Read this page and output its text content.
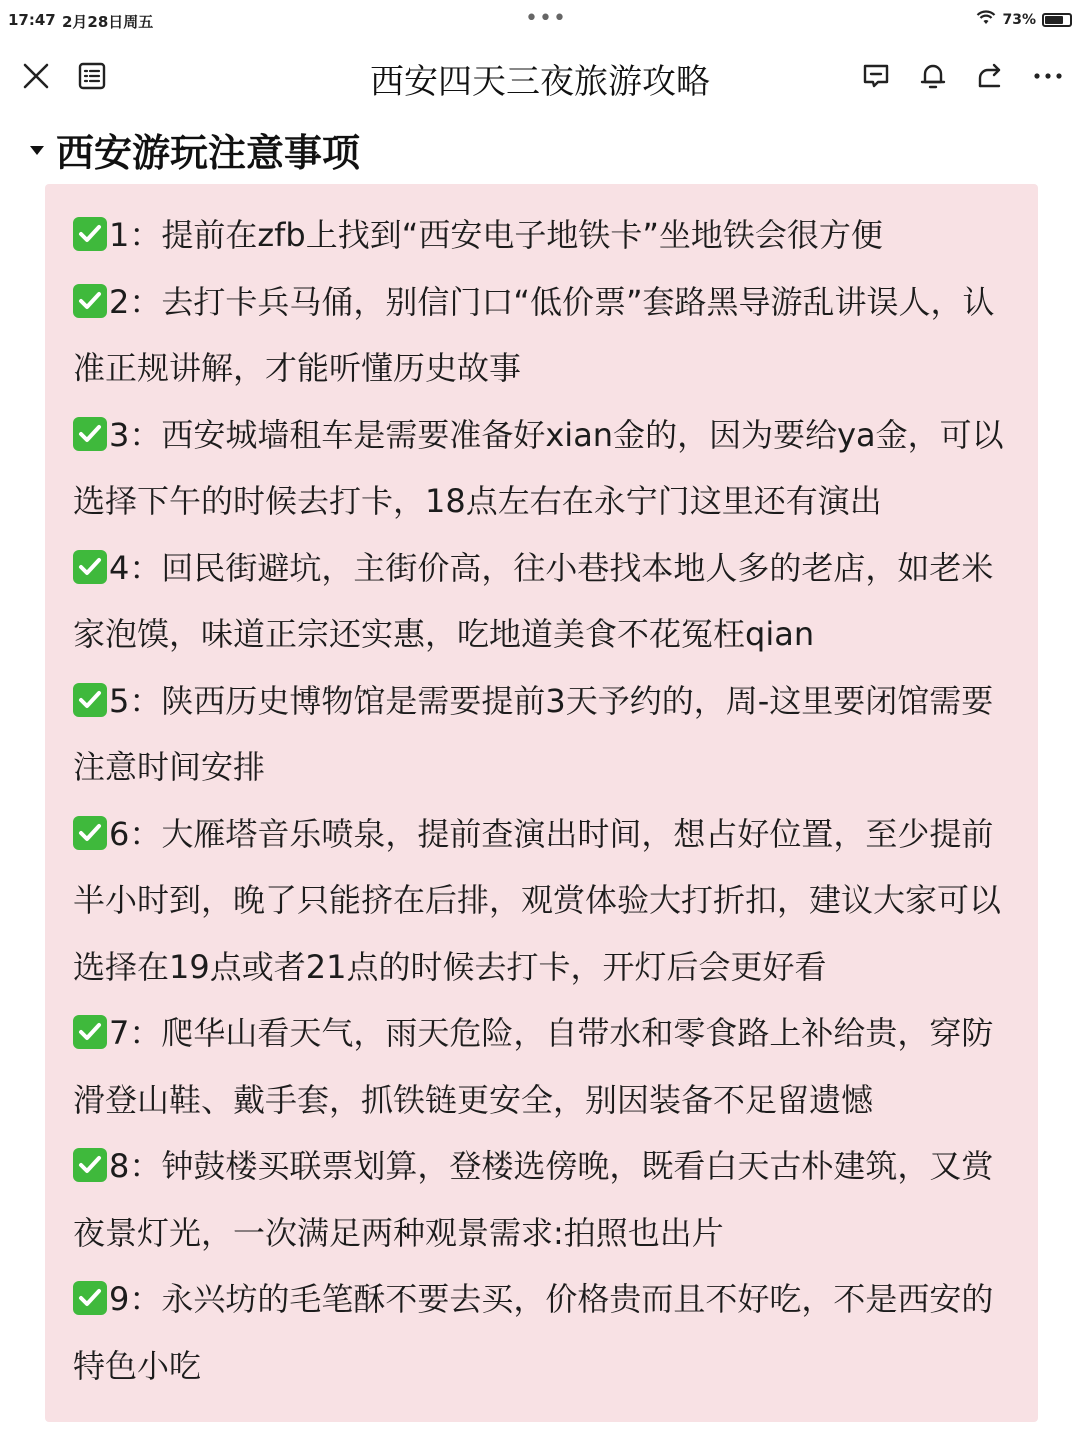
17:47 2月28日周五	•••	73%
西安四天三夜旅游攻略
西安游玩注意事项
1：提前在zfb上找到“西安电子地铁卡”坐地铁会很方便
2：去打卡兵马俑，别信门口“低价票”套路黑导游乱讲误人，认准正规讲解，才能听懂历史故事
3：西安城墙租车是需要准备好xian金的，因为要给ya金，可以选择下午的时候去打卡，18点左右在永宁门这里还有演出
4：回民街避坑，主街价高，往小巷找本地人多的老店，如老米家泡馍，味道正宗还实惠，吃地道美食不花冤枉qian
5：陕西历史博物馆是需要提前3天予约的，周-这里要闭馆需要注意时间安排
6：大雁塔音乐喷泉，提前查演出时间，想占好位置，至少提前半小时到，晚了只能挤在后排，观赏体验大打折扣，建议大家可以选择在19点或者21点的时候去打卡，开灯后会更好看
7：爬华山看天气，雨天危险，自带水和零食路上补给贵，穿防滑登山鞋、戴手套，抓铁链更安全，别因装备不足留遗憾
8：钟鼓楼买联票划算，登楼选傍晚，既看白天古朴建筑，又赏夜景灯光，一次满足两种观景需求:拍照也出片
9：永兴坊的毛笔酥不要去买，价格贵而且不好吃，不是西安的特色小吃
